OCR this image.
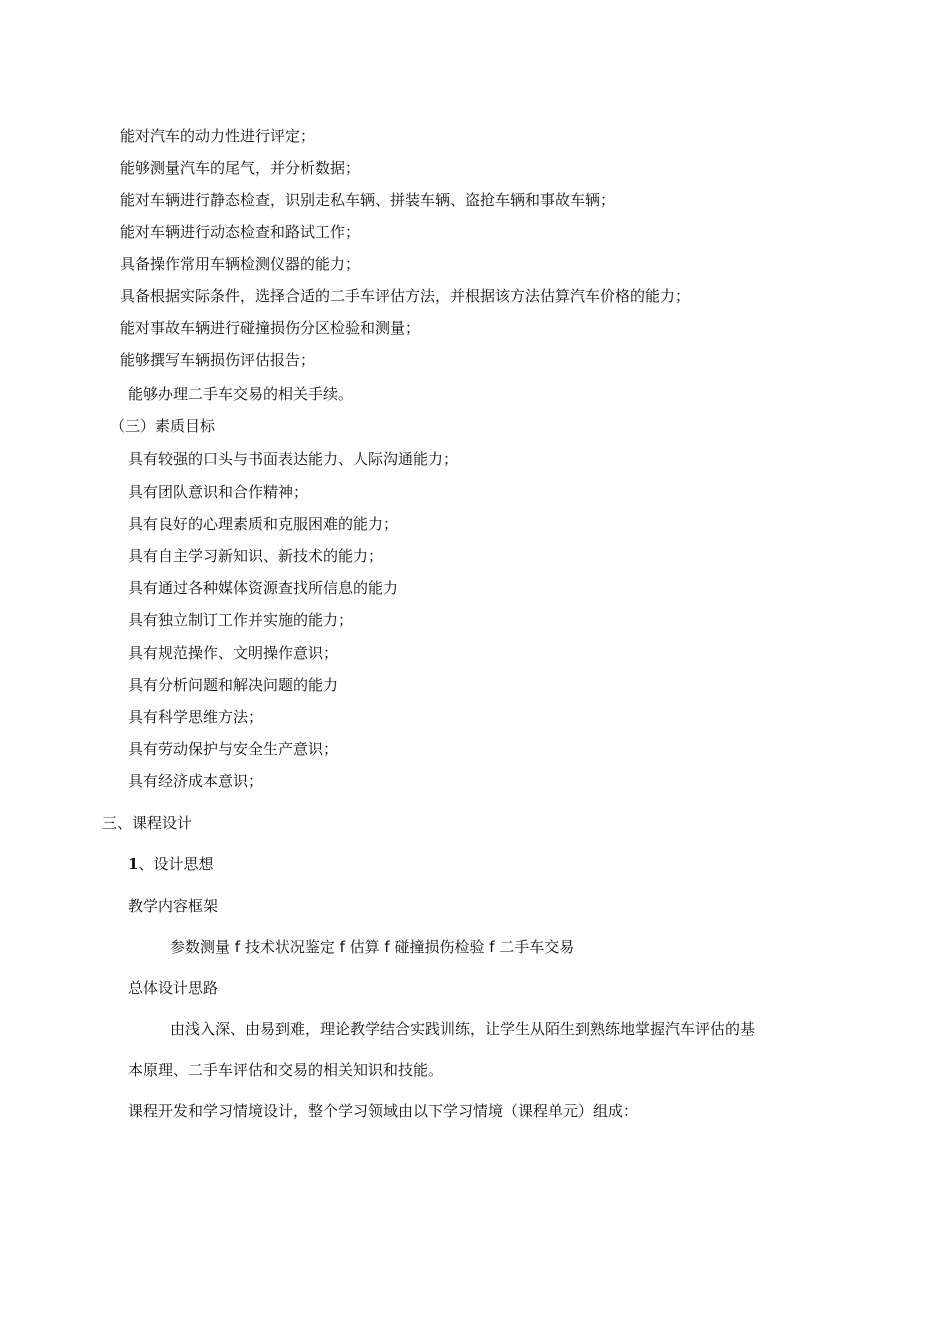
能对汽车的动力性进行评定；
能够测量汽车的尾气，并分析数据；
能对车辆进行静态检查，识别走私车辆、拼装车辆、盗抢车辆和事故车辆；
能对车辆进行动态检查和路试工作；
具备操作常用车辆检测仪器的能力；
具备根据实际条件，选择合适的二手车评估方法，并根据该方法估算汽车价格的能力；
能对事故车辆进行碰撞损伤分区检验和测量；
能够撰写车辆损伤评估报告；
能够办理二手车交易的相关手续。
（三）素质目标
具有较强的口头与书面表达能力、人际沟通能力；
具有团队意识和合作精神；
具有良好的心理素质和克服困难的能力；
具有自主学习新知识、新技术的能力；
具有通过各种媒体资源查找所信息的能力
具有独立制订工作并实施的能力；
具有规范操作、文明操作意识；
具有分析问题和解决问题的能力
具有科学思维方法；
具有劳动保护与安全生产意识；
具有经济成本意识；
三、课程设计
1、设计思想
教学内容框架
参数测量 f 技术状况鉴定 f 估算 f 碰撞损伤检验 f 二手车交易
总体设计思路
由浅入深、由易到难，理论教学结合实践训练，让学生从陌生到熟练地掌握汽车评估的基
本原理、二手车评估和交易的相关知识和技能。
课程开发和学习情境设计，整个学习领域由以下学习情境（课程单元）组成：
